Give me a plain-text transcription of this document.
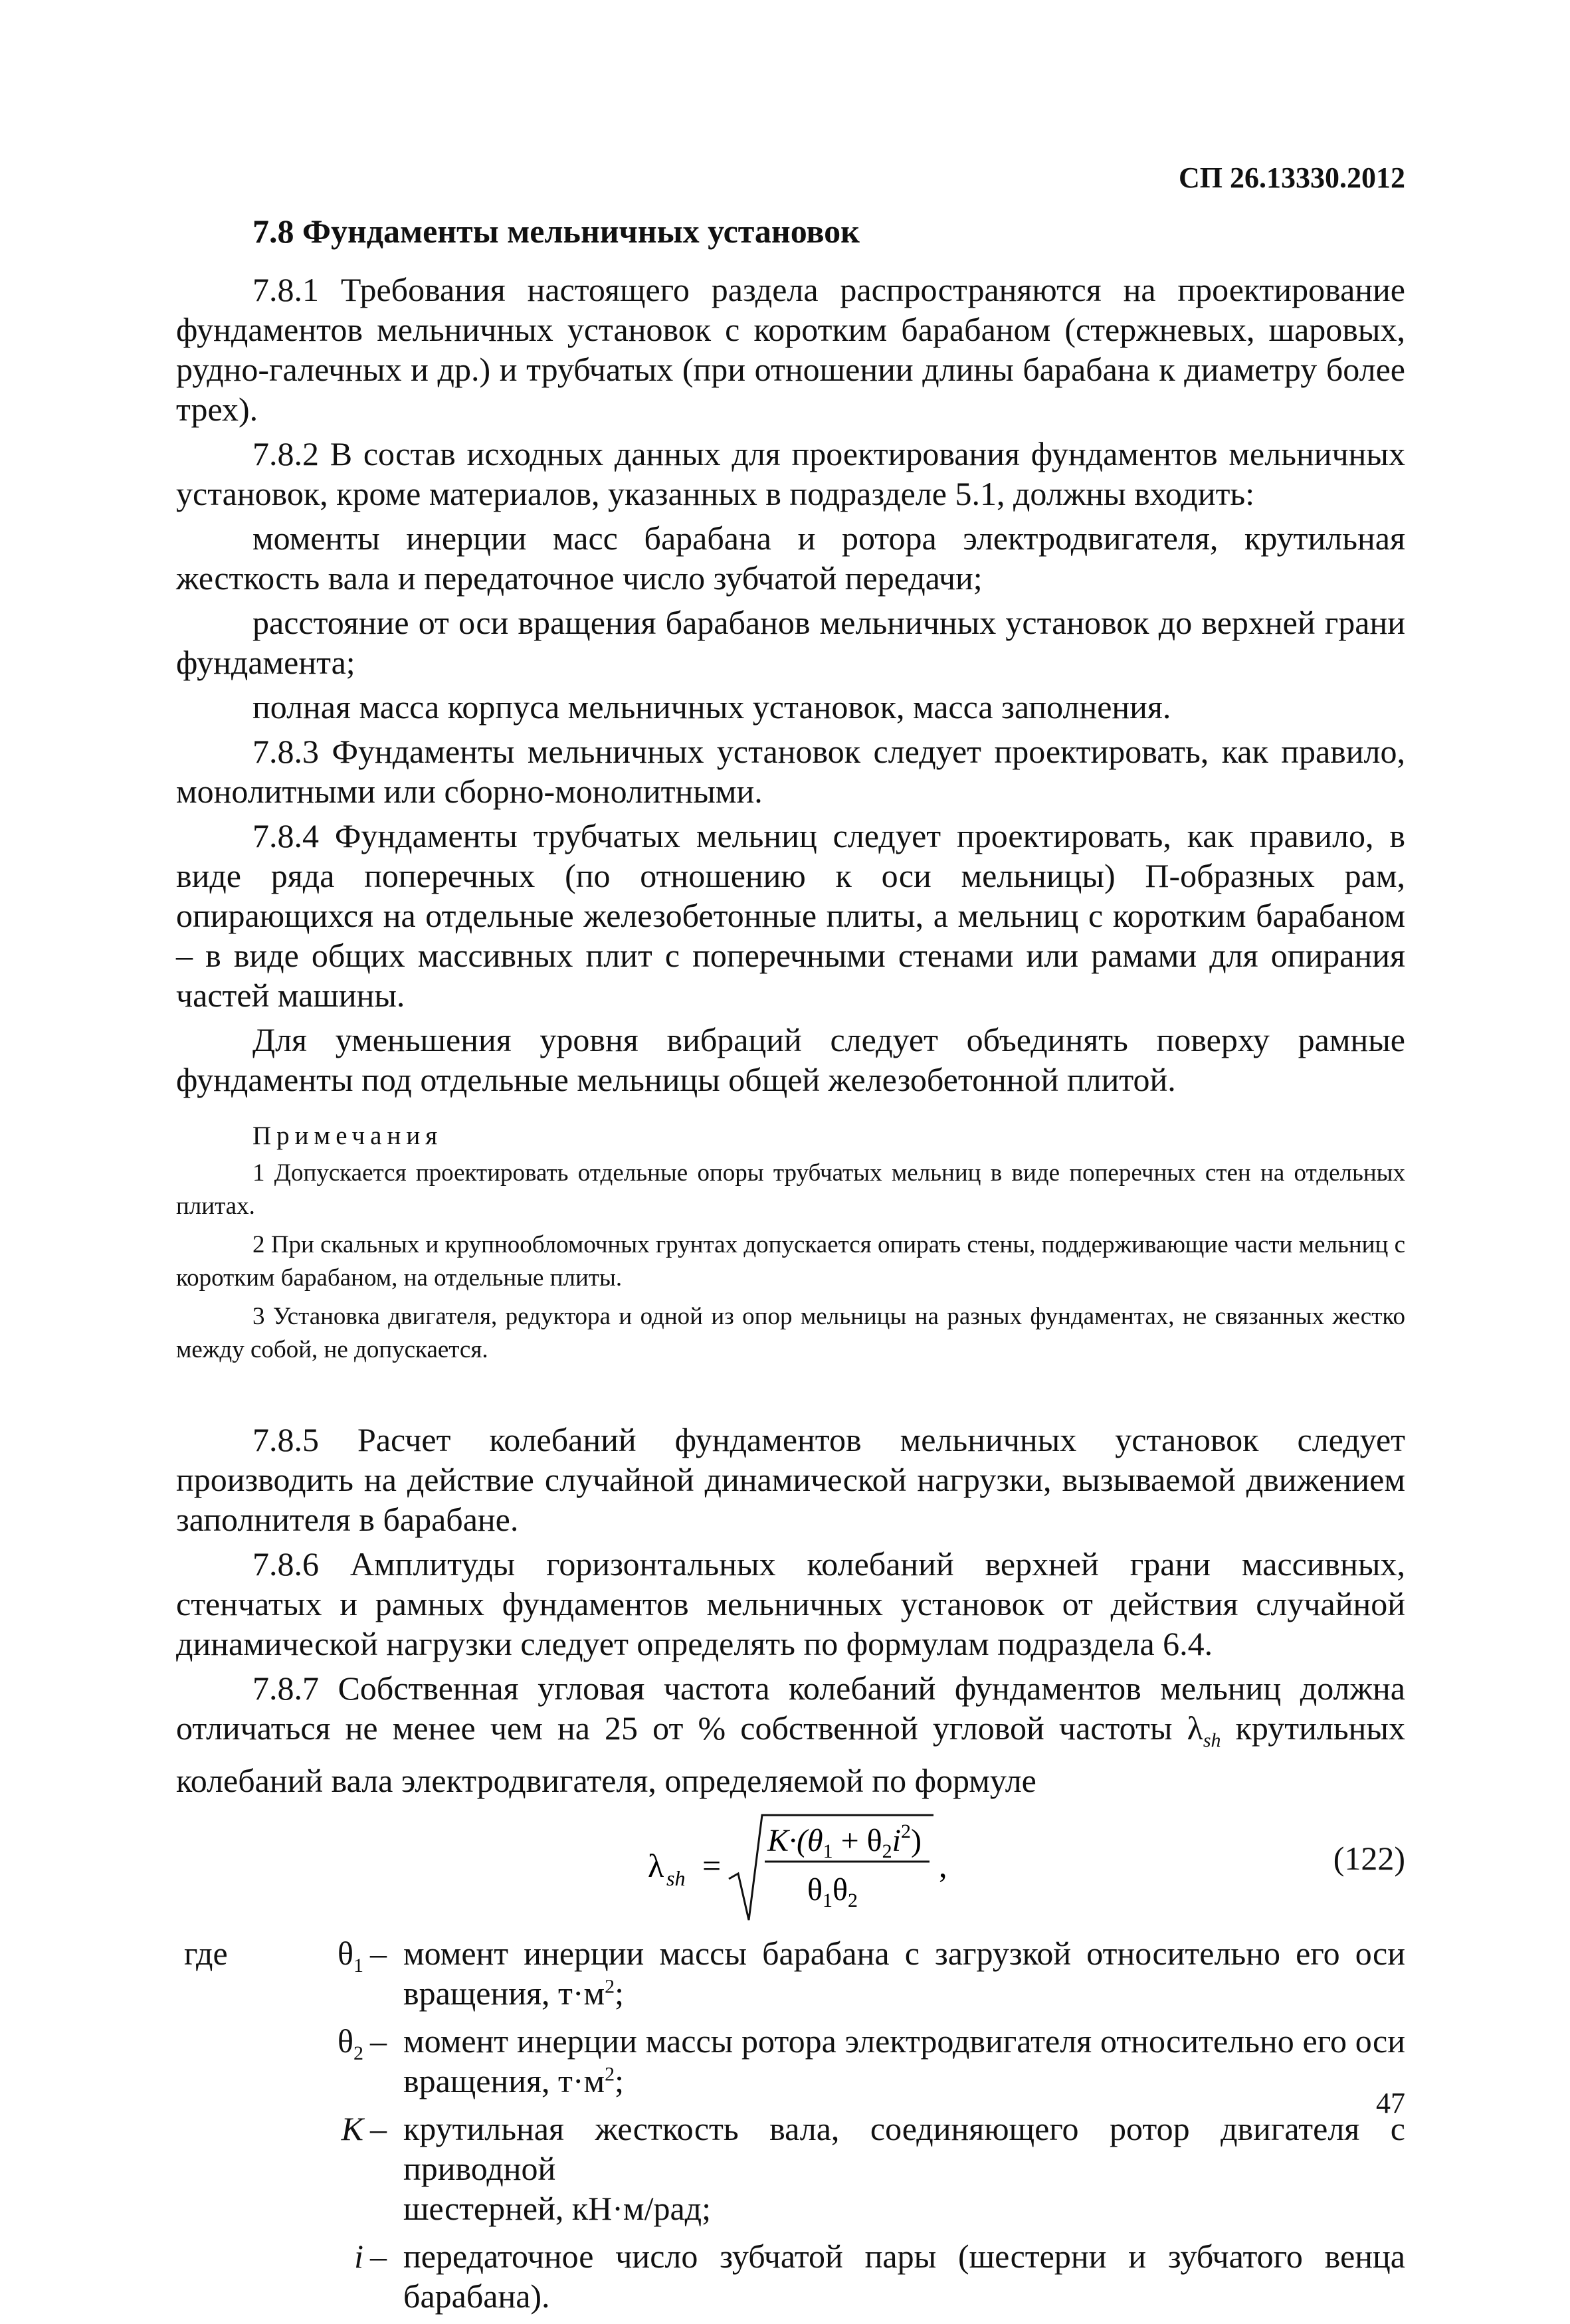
СП 26.13330.2012
7.8 Фундаменты мельничных установок

7.8.1 Требования настоящего раздела распространяются на проектирование фундаментов мельничных установок с коротким барабаном (стержневых, шаровых, рудно-галечных и др.) и трубчатых (при отношении длины барабана к диаметру более трех).

7.8.2 В состав исходных данных для проектирования фундаментов мельничных установок, кроме материалов, указанных в подразделе 5.1, должны входить:

моменты инерции масс барабана и ротора электродвигателя, крутильная жесткость вала и передаточное число зубчатой передачи;

расстояние от оси вращения барабанов мельничных установок до верхней грани фундамента;

полная масса корпуса мельничных установок, масса заполнения.

7.8.3 Фундаменты мельничных установок следует проектировать, как правило, монолитными или сборно-монолитными.

7.8.4 Фундаменты трубчатых мельниц следует проектировать, как правило, в виде ряда поперечных (по отношению к оси мельницы) П-образных рам, опирающихся на отдельные железобетонные плиты, а мельниц с коротким барабаном – в виде общих массивных плит с поперечными стенами или рамами для опирания частей машины.

Для уменьшения уровня вибраций следует объединять поверху рамные фундаменты под отдельные мельницы общей железобетонной плитой.

Примечания

1 Допускается проектировать отдельные опоры трубчатых мельниц в виде поперечных стен на отдельных плитах.

2 При скальных и крупнообломочных грунтах допускается опирать стены, поддерживающие части мельниц с коротким барабаном, на отдельные плиты.

3 Установка двигателя, редуктора и одной из опор мельницы на разных фундаментах, не связанных жестко между собой, не допускается.

7.8.5 Расчет колебаний фундаментов мельничных установок следует производить на действие случайной динамической нагрузки, вызываемой движением заполнителя в барабане.

7.8.6 Амплитуды горизонтальных колебаний верхней грани массивных, стенчатых и рамных фундаментов мельничных установок от действия случайной динамической нагрузки следует определять по формулам подраздела 6.4.

7.8.7 Собственная угловая частота колебаний фундаментов мельниц должна отличаться не менее чем на 25 от % собственной угловой частоты $\lambda_{sh}$ крутильных колебаний вала электродвигателя, определяемой по формуле

λ sh =
$K\cdot(\theta_1 + \theta_2i^2)$
$\theta_1\theta_2$
,	(122)
где	$\theta_1$ – момент инерции массы барабана с загрузкой относительно его оси
вращения, $т\cdot м^2$;
$\theta_2$ – момент инерции массы ротора электродвигателя относительно его оси
вращения, $т\cdot м^2$;
K – крутильная жесткость вала, соединяющего ротор двигателя с приводной
шестерней, кН·м/рад;
i – передаточное число зубчатой пары (шестерни и зубчатого венца
барабана).
47
